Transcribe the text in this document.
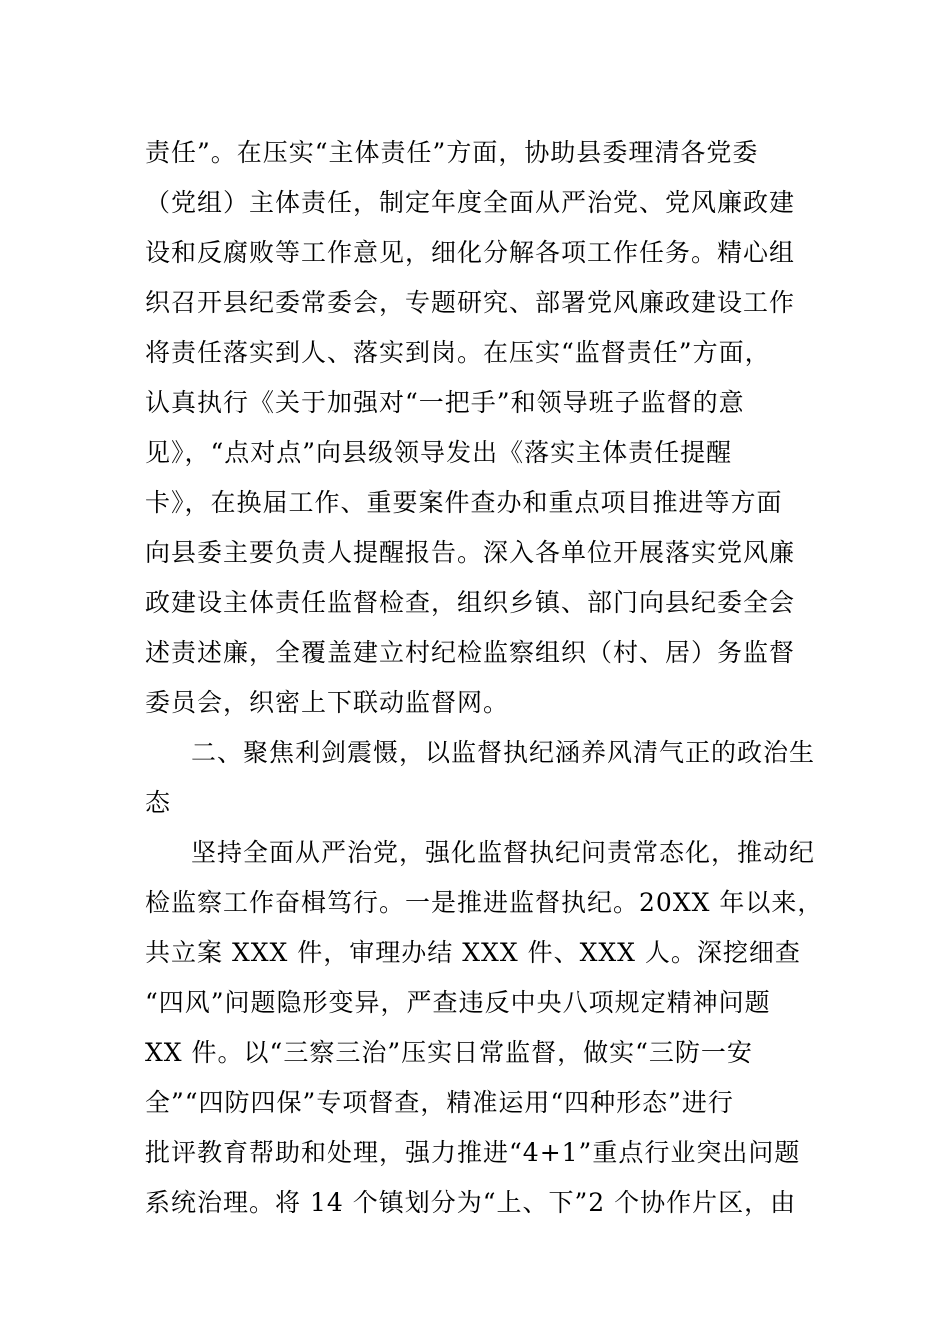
责任”。在压实“主体责任”方面，协助县委理清各党委
（党组）主体责任，制定年度全面从严治党、党风廉政建
设和反腐败等工作意见，细化分解各项工作任务。精心组
织召开县纪委常委会，专题研究、部署党风廉政建设工作
将责任落实到人、落实到岗。在压实“监督责任”方面，
认真执行《关于加强对“一把手”和领导班子监督的意
见》，“点对点”向县级领导发出《落实主体责任提醒
卡》，在换届工作、重要案件查办和重点项目推进等方面
向县委主要负责人提醒报告。深入各单位开展落实党风廉
政建设主体责任监督检查，组织乡镇、部门向县纪委全会
述责述廉，全覆盖建立村纪检监察组织（村、居）务监督
委员会，织密上下联动监督网。
二、聚焦利剑震慑，以监督执纪涵养风清气正的政治生
态
坚持全面从严治党，强化监督执纪问责常态化，推动纪
检监察工作奋楫笃行。一是推进监督执纪。20XX 年以来，
共立案 XXX 件，审理办结 XXX 件、XXX 人。深挖细查
“四风”问题隐形变异，严查违反中央八项规定精神问题
XX 件。以“三察三治”压实日常监督，做实“三防一安
全”“四防四保”专项督查，精准运用“四种形态”进行
批评教育帮助和处理，强力推进“4+1”重点行业突出问题
系统治理。将 14 个镇划分为“上、下”2 个协作片区，由
